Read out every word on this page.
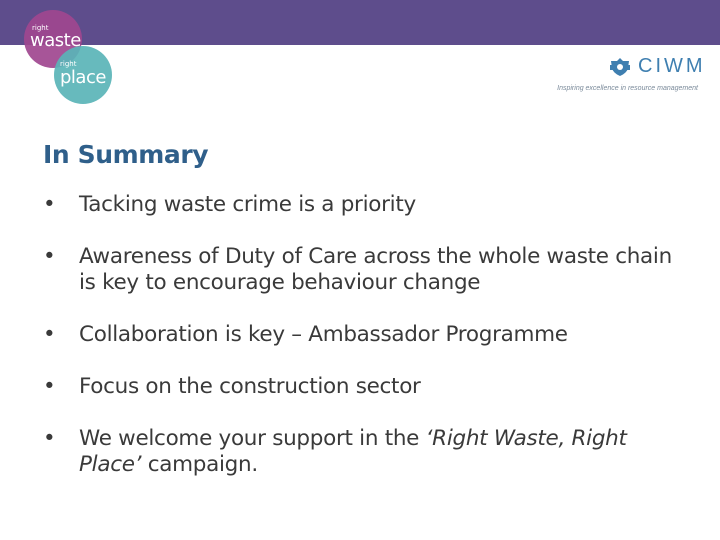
right
waste
right
place
CIWM
Inspiring excellence in resource management
In Summary
• Tacking waste crime is a priority
• Awareness of Duty of Care across the whole waste chain is key to encourage behaviour change
• Collaboration is key – Ambassador Programme
• Focus on the construction sector
• We welcome your support in the ‘Right Waste, Right Place’ campaign.
